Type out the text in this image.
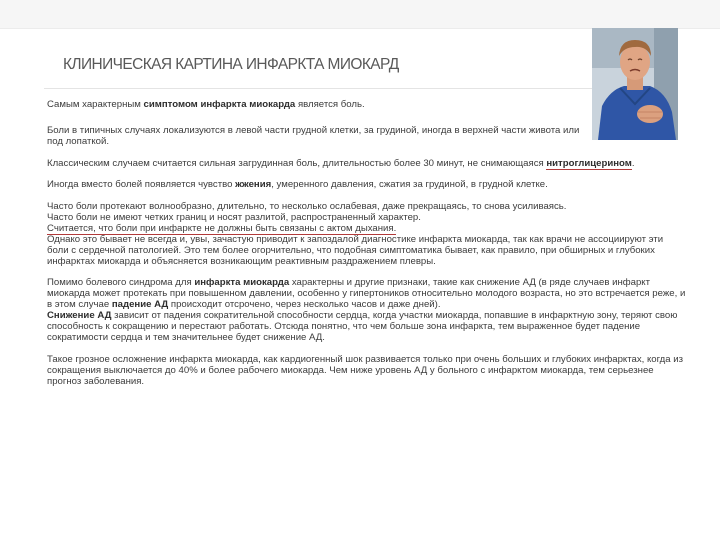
КЛИНИЧЕСКАЯ КАРТИНА ИНФАРКТА МИОКАРД

Самым характерным симптомом инфаркта миокарда является боль.

Боли в типичных случаях локализуются в левой части грудной клетки, за грудиной, иногда в верхней части живота или под лопаткой.

Классическим случаем считается сильная загрудинная боль, длительностью более 30 минут, не снимающаяся нитроглицерином.

Иногда вместо болей появляется чувство жжения, умеренного давления, сжатия за грудиной, в грудной клетке.

Часто боли протекают волнообразно, длительно, то несколько ослабевая, даже прекращаясь, то снова усиливаясь.
Часто боли не имеют четких границ и носят разлитой, распространенный характер.
Считается, что боли при инфаркте не должны быть связаны с актом дыхания.

Однако это бывает не всегда и, увы, зачастую приводит к запоздалой диагностике инфаркта миокарда, так как врачи не ассоциируют эти боли с сердечной патологией. Это тем более огорчительно, что подобная симптоматика бывает, как правило, при обширных и глубоких инфарктах миокарда и объясняется возникающим реактивным раздражением плевры.

Помимо болевого синдрома для инфаркта миокарда характерны и другие признаки, такие как снижение АД (в ряде случаев инфаркт миокарда может протекать при повышенном давлении, особенно у гипертоников относительно молодого возраста, но это встречается реже, и в этом случае падение АД происходит отсрочено, через несколько часов и даже дней).

Снижение АД зависит от падения сократительной способности сердца, когда участки миокарда, попавшие в инфарктную зону, теряют свою способность к сокращению и перестают работать. Отсюда понятно, что чем больше зона инфаркта, тем выраженное будет падение сократимости сердца и тем значительнее будет снижение АД.

Такое грозное осложнение инфаркта миокарда, как кардиогенный шок развивается только при очень больших и глубоких инфарктах, когда из сокращения выключается до 40% и более рабочего миокарда. Чем ниже уровень АД у больного с инфарктом миокарда, тем серьезнее прогноз заболевания.
